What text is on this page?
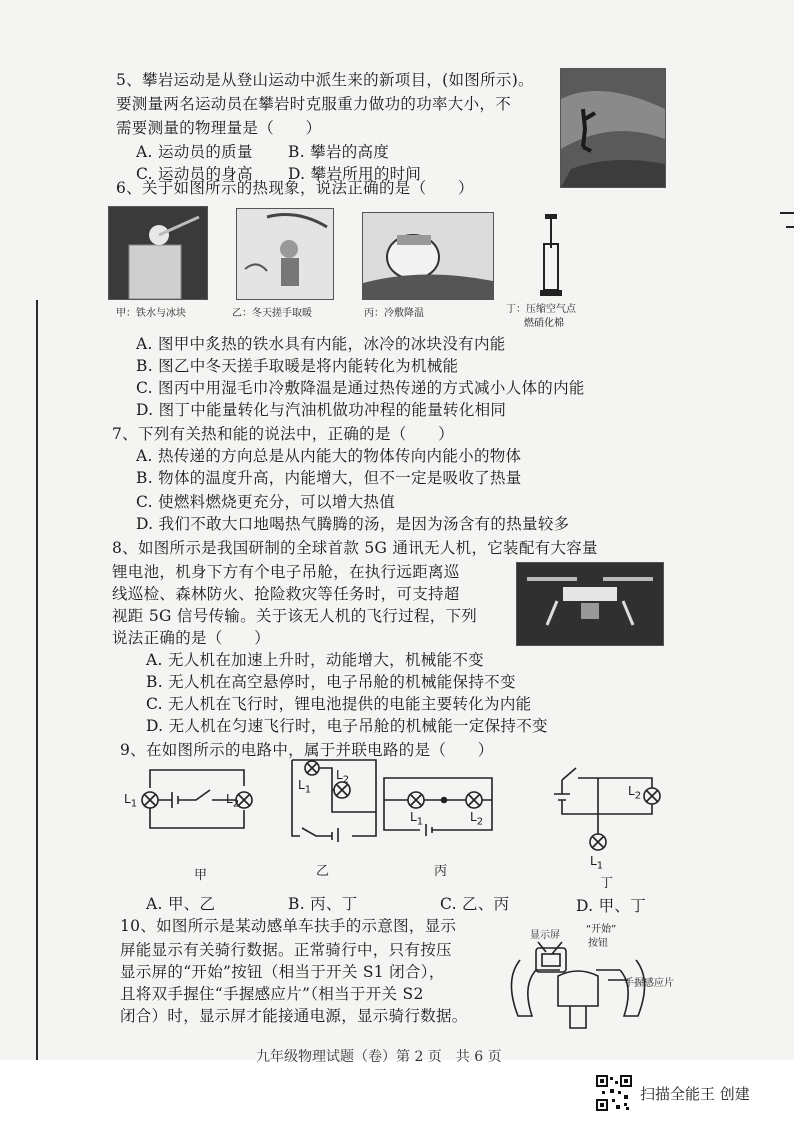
5、攀岩运动是从登山运动中派生来的新项目，(如图所示)。
要测量两名运动员在攀岩时克服重力做功的功率大小，不
需要测量的物理量是（　　）
A. 运动员的质量 B. 攀岩的高度
C. 运动员的身高 D. 攀岩所用的时间
6、关于如图所示的热现象，说法正确的是（　　）
甲：铁水与冰块	乙：冬天搓手取暖	丙：冷敷降温	丁：压缩空气点
燃硝化棉
A. 图甲中炙热的铁水具有内能，冰冷的冰块没有内能
B. 图乙中冬天搓手取暖是将内能转化为机械能
C. 图丙中用湿毛巾冷敷降温是通过热传递的方式减小人体的内能
D. 图丁中能量转化与汽油机做功冲程的能量转化相同
7、下列有关热和能的说法中，正确的是（　　）
A. 热传递的方向总是从内能大的物体传向内能小的物体
B. 物体的温度升高，内能增大，但不一定是吸收了热量
C. 使燃料燃烧更充分，可以增大热值
D. 我们不敢大口地喝热气腾腾的汤，是因为汤含有的热量较多
8、如图所示是我国研制的全球首款 5G 通讯无人机，它装配有大容量
锂电池，机身下方有个电子吊舱，在执行远距离巡
线巡检、森林防火、抢险救灾等任务时，可支持超
视距 5G 信号传输。关于该无人机的飞行过程，下列
说法正确的是（　　）
A. 无人机在加速上升时，动能增大，机械能不变
B. 无人机在高空悬停时，电子吊舱的机械能保持不变
C. 无人机在飞行时，锂电池提供的电能主要转化为内能
D. 无人机在匀速飞行时，电子吊舱的机械能一定保持不变
9、在如图所示的电路中，属于并联电路的是（　　）
$L_1$	$L_2$
$L_1$
$L_2$
$L_1$	$L_2$
$L_2$
$L_1$
甲	乙	丙
丁
A. 甲、乙	B. 丙、丁	C. 乙、丙	D. 甲、丁
10、如图所示是某动感单车扶手的示意图，显示
屏能显示有关骑行数据。正常骑行中，只有按压
显示屏的“开始”按钮（相当于开关 S1 闭合），
且将双手握住“手握感应片”（相当于开关 S2
闭合）时，显示屏才能接通电源，显示骑行数据。
显示屏
“开始”
按钮
手握感应片
九年级物理试题（卷）第 2 页　共 6 页
扫描全能王 创建
